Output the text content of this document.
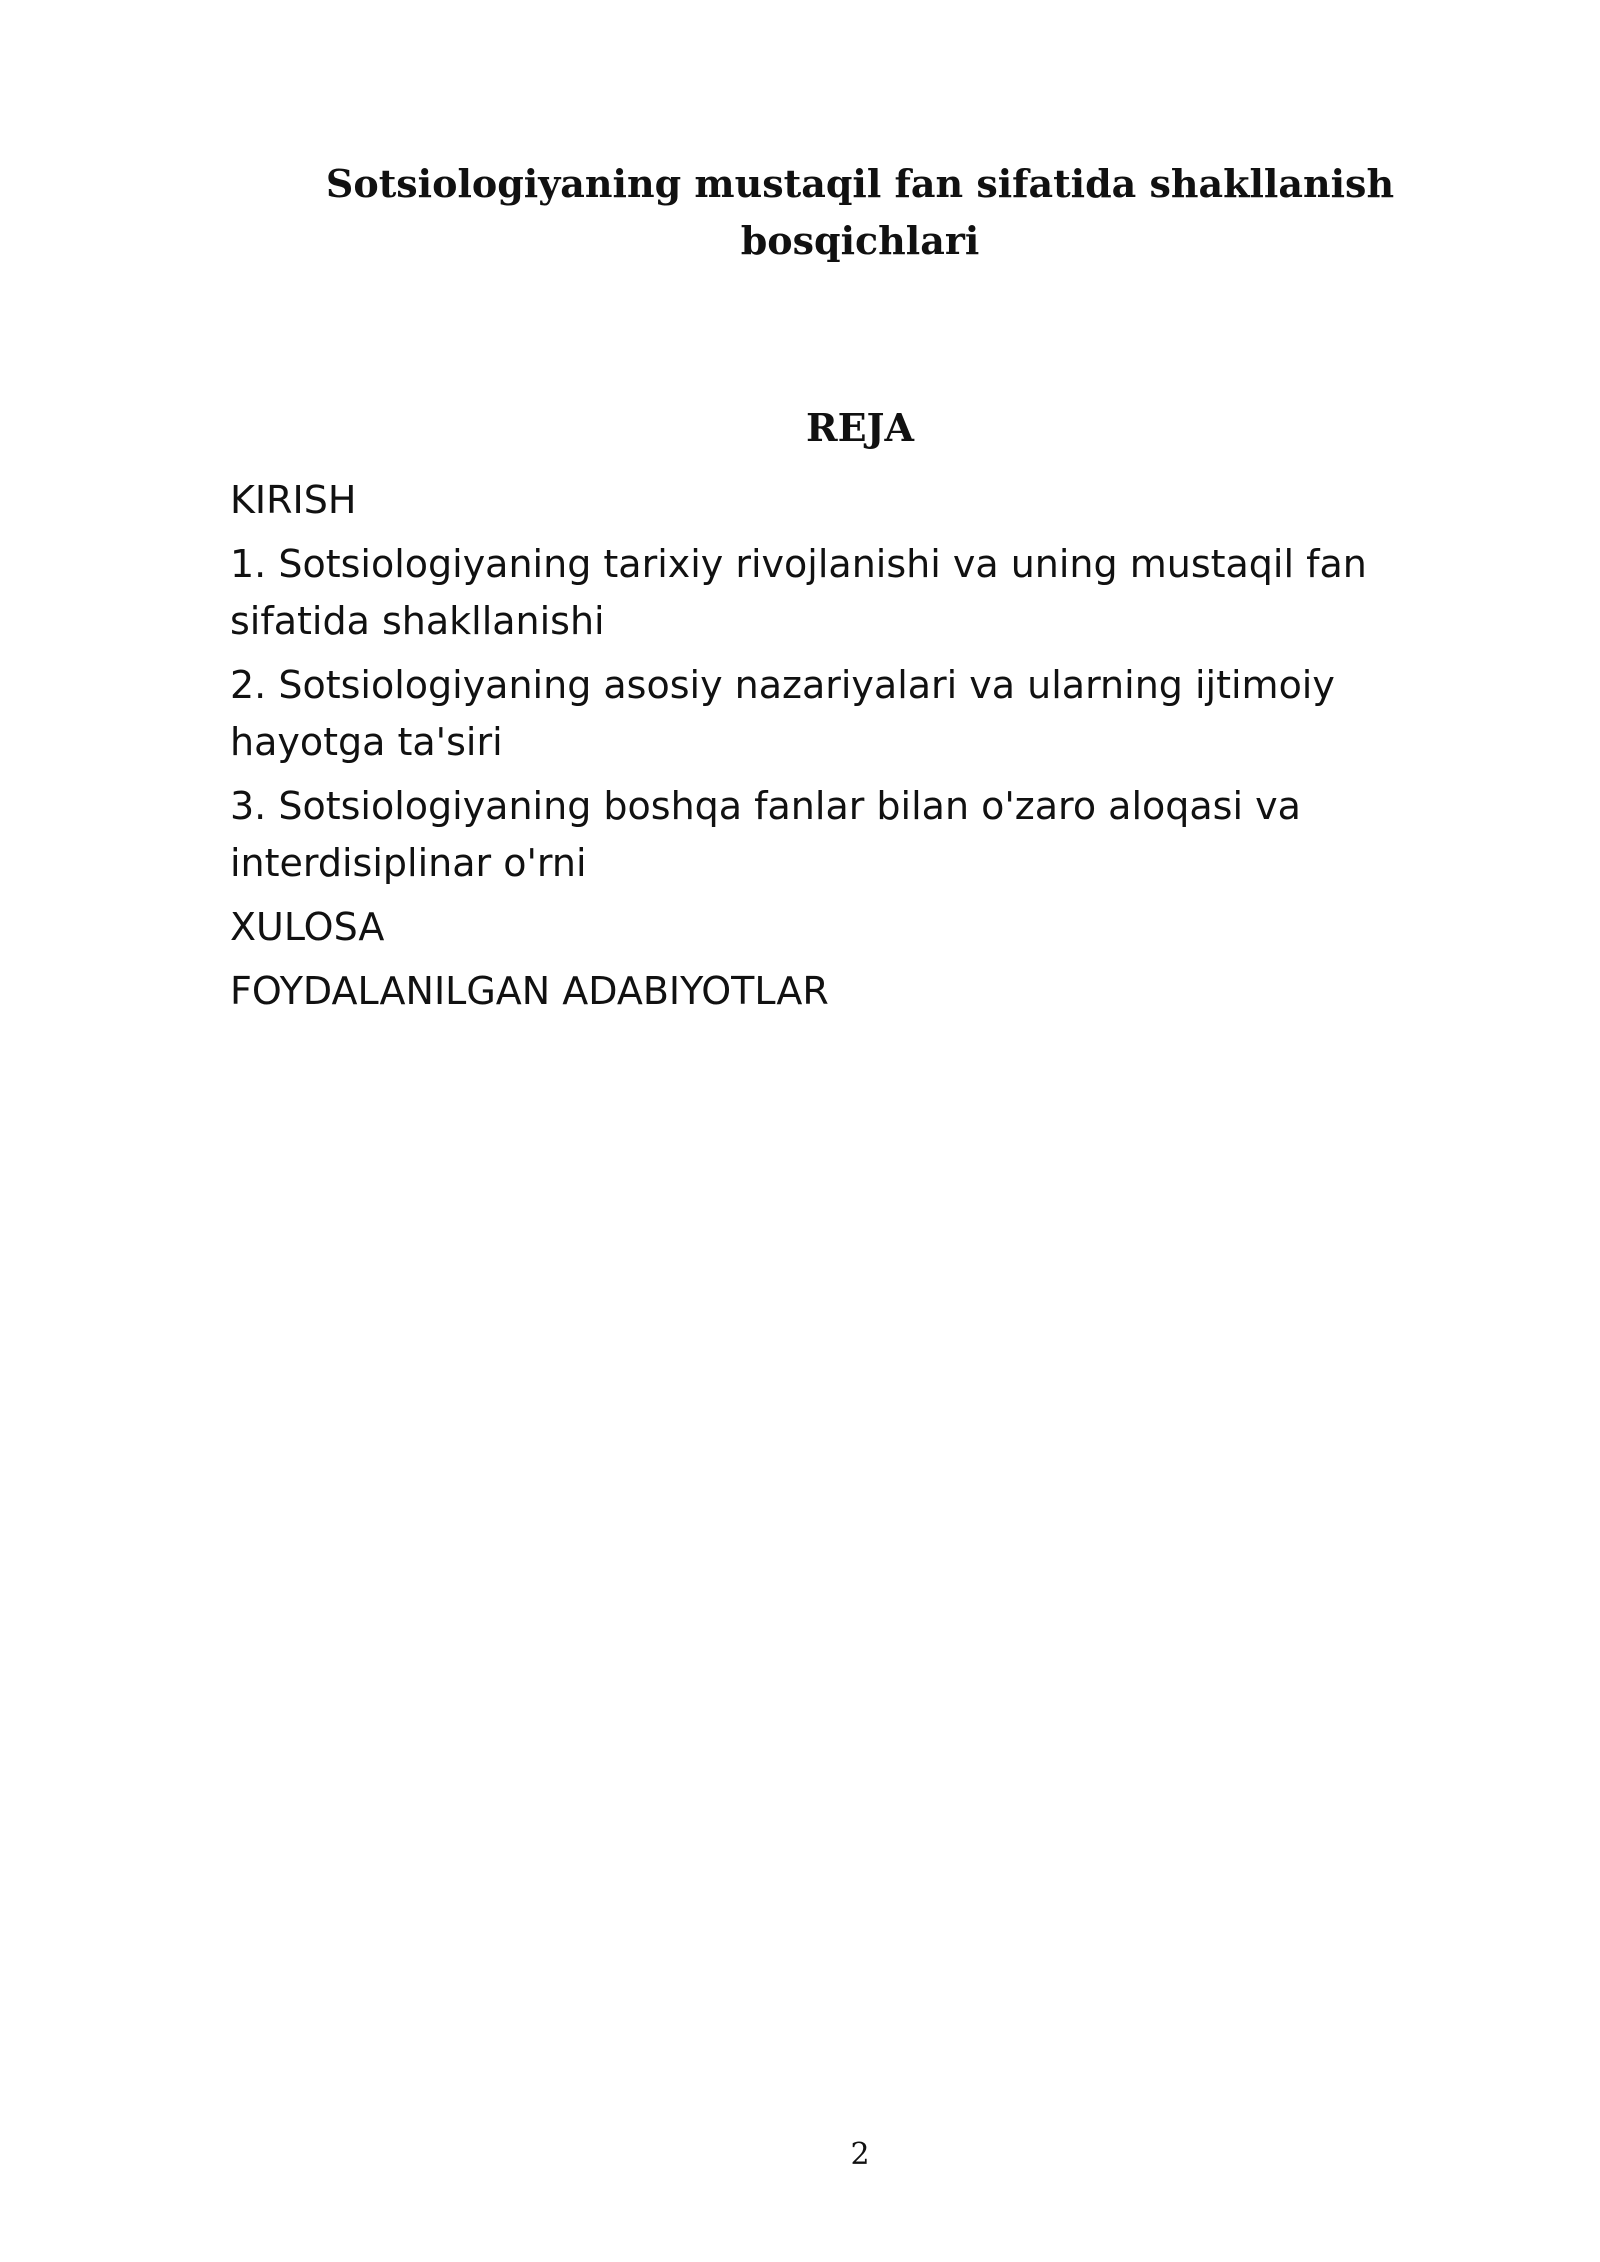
Sotsiologiyaning mustaqil fan sifatida shakllanish bosqichlari
REJA
KIRISH
1. Sotsiologiyaning tarixiy rivojlanishi va uning mustaqil fan sifatida shakllanishi
2. Sotsiologiyaning asosiy nazariyalari va ularning ijtimoiy hayotga ta'siri
3. Sotsiologiyaning boshqa fanlar bilan o'zaro aloqasi va interdisiplinar o'rni
XULOSA
FOYDALANILGAN ADABIYOTLAR
2
